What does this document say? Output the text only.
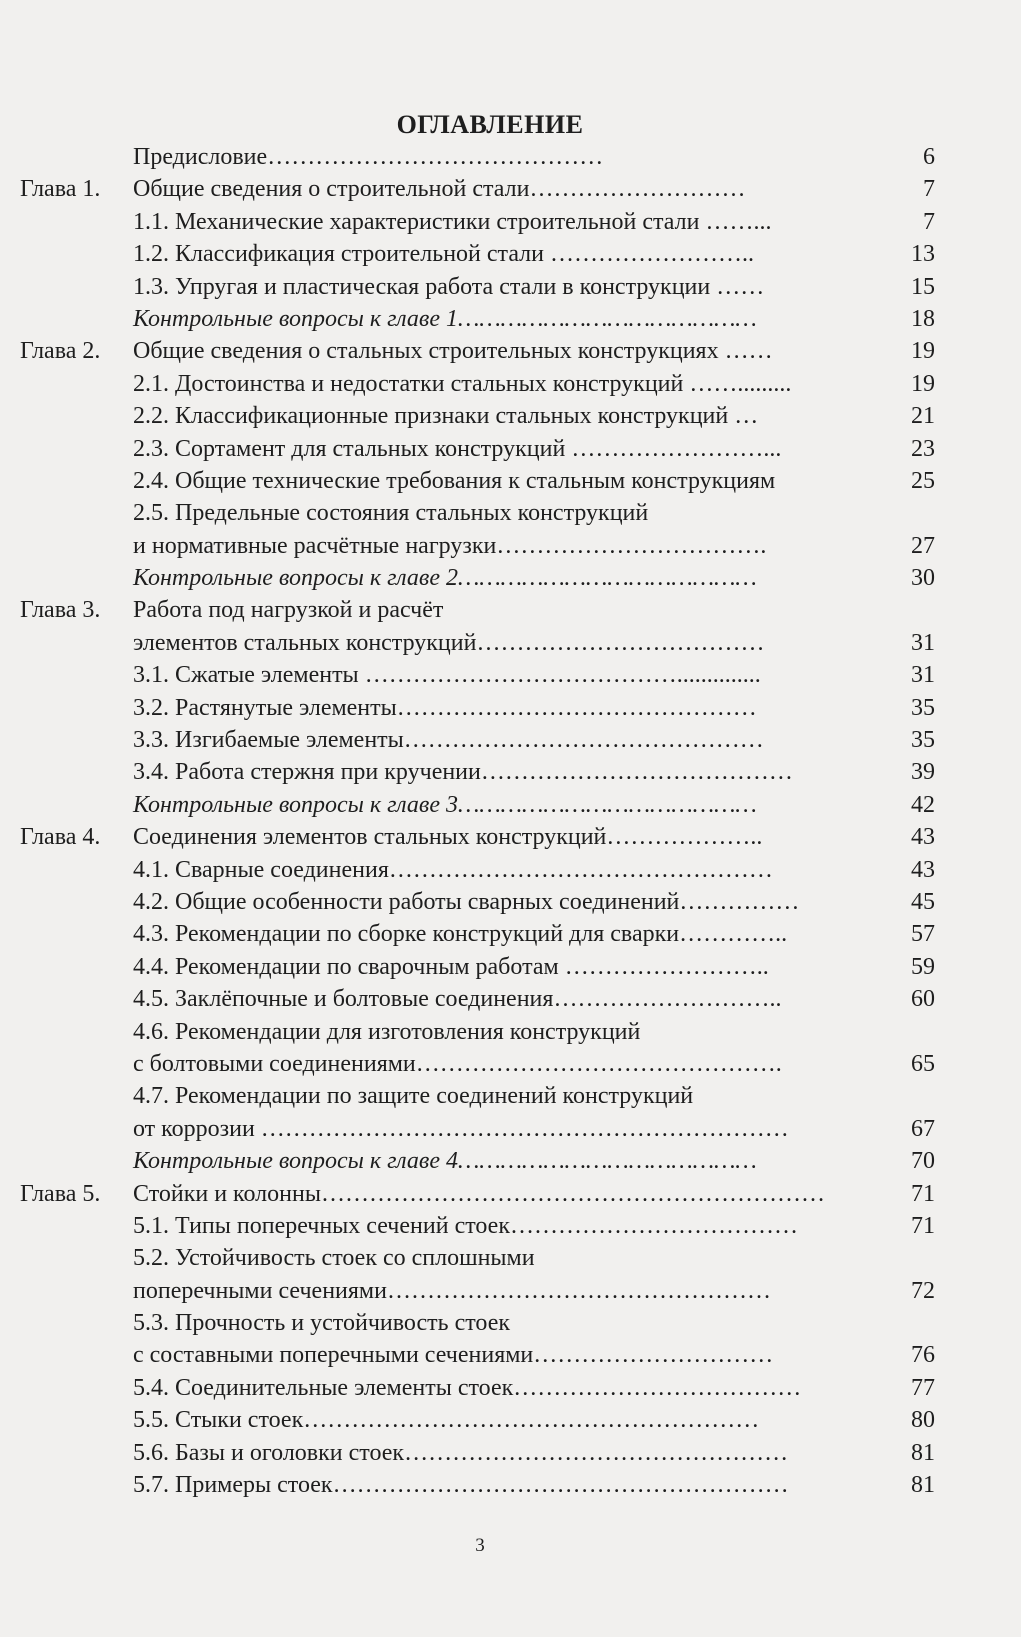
ОГЛАВЛЕНИЕ
Предисловие……………………………………	6
Глава 1. Общие сведения о строительной стали………………………	7
1.1. Механические характеристики строительной стали ……...	7
1.2. Классификация строительной стали ……………………..	13
1.3. Упругая и пластическая работа стали в конструкции ……	15
Контрольные вопросы к главе 1……………………………………	18
Глава 2. Общие сведения о стальных строительных конструкциях ……	19
2.1. Достоинства и недостатки стальных конструкций …….........	19
2.2. Классификационные признаки стальных конструкций …	21
2.3. Сортамент для стальных конструкций ……………………...	23
2.4. Общие технические требования к стальным конструкциям	25
2.5. Предельные состояния стальных конструкций
и нормативные расчётные нагрузки…………………………….	27
Контрольные вопросы к главе 2……………………………………	30
Глава 3. Работа под нагрузкой и расчёт
элементов стальных конструкций………………………………	31
3.1. Сжатые элементы …………………………………..............	31
3.2. Растянутые элементы………………………………………	35
3.3. Изгибаемые элементы………………………………………	35
3.4. Работа стержня при кручении…………………………………	39
Контрольные вопросы к главе 3……………………………………	42
Глава 4. Соединения элементов стальных конструкций………………..	43
4.1. Сварные соединения…………………………………………	43
4.2. Общие особенности работы сварных соединений……………	45
4.3. Рекомендации по сборке конструкций для сварки…………..	57
4.4. Рекомендации по сварочным работам ……………………..	59
4.5. Заклёпочные и болтовые соединения………………………..	60
4.6. Рекомендации для изготовления конструкций
с болтовыми соединениями……………………………………….	65
4.7. Рекомендации по защите соединений конструкций
от коррозии …………………………………………………………	67
Контрольные вопросы к главе 4……………………………………	70
Глава 5. Стойки и колонны………………………………………………………	71
5.1. Типы поперечных сечений стоек………………………………	71
5.2. Устойчивость стоек со сплошными
поперечными сечениями…………………………………………	72
5.3. Прочность и устойчивость стоек
с составными поперечными сечениями…………………………	76
5.4. Соединительные элементы стоек………………………………	77
5.5. Стыки стоек…………………………………………………	80
5.6. Базы и оголовки стоек…………………………………………	81
5.7. Примеры стоек…………………………………………………	81
3
